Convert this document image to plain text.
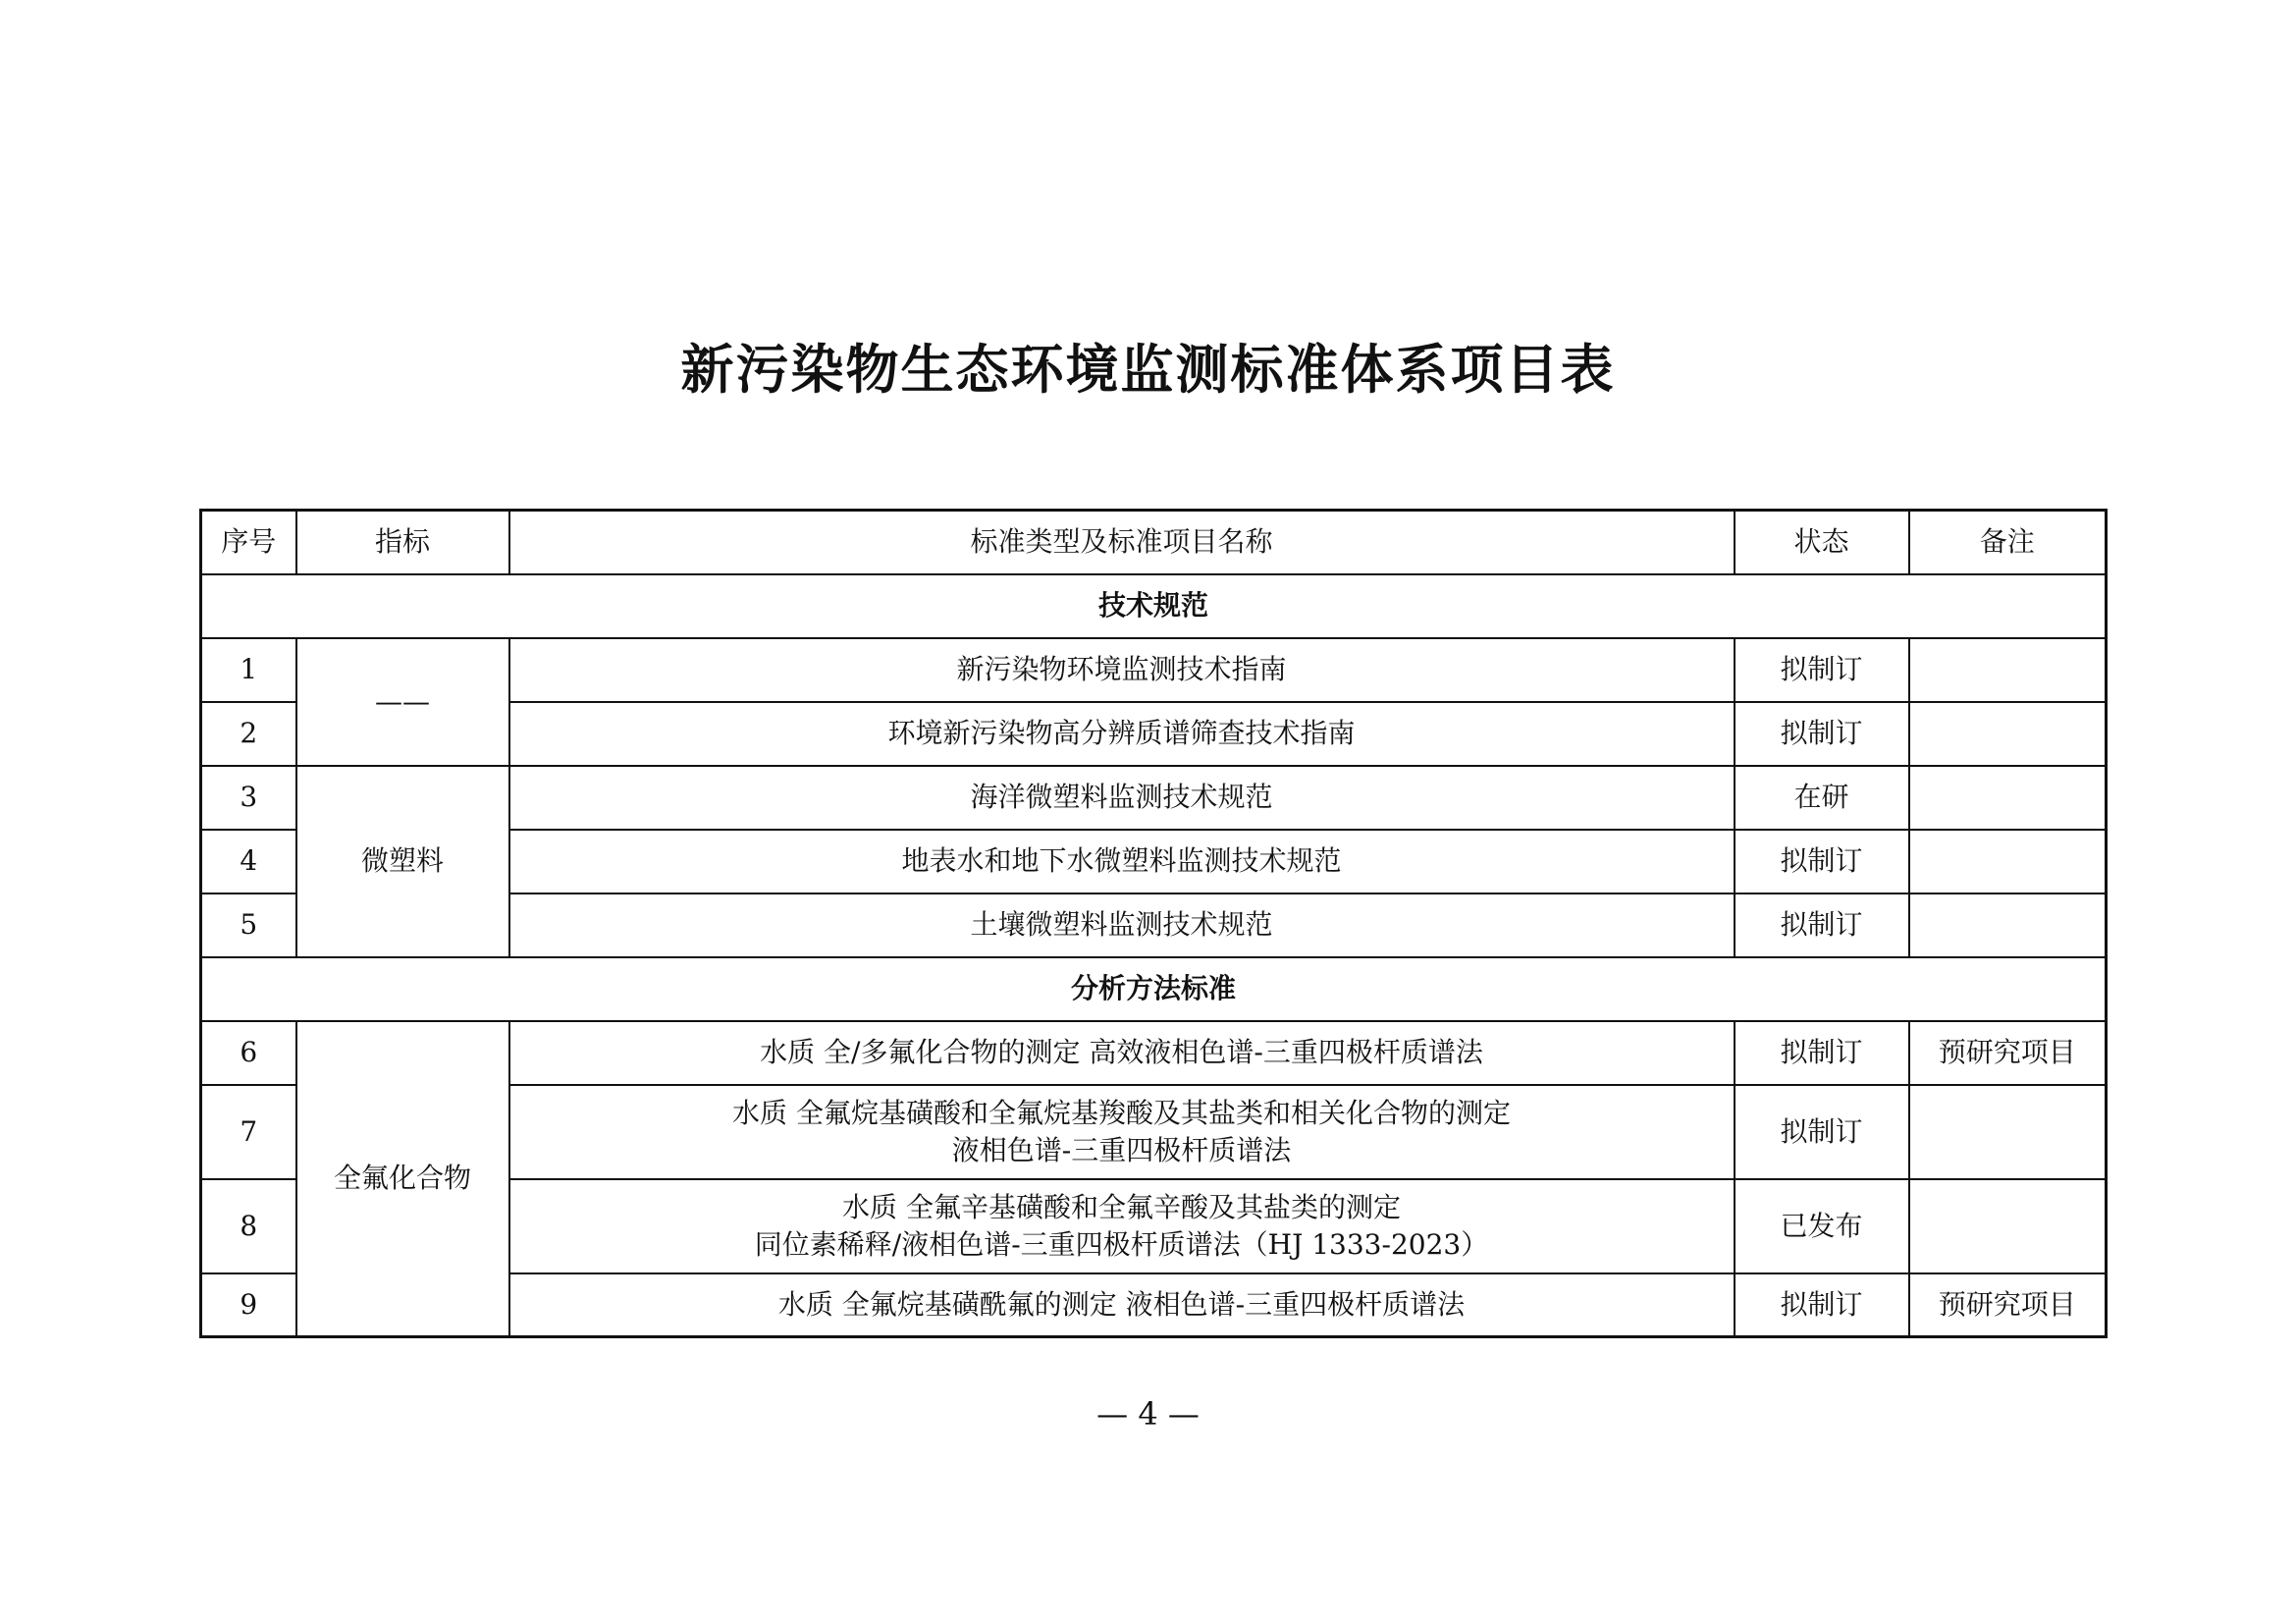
新污染物生态环境监测标准体系项目表
序号	指标	标准类型及标准项目名称	状态	备注
技术规范				
1	——	新污染物环境监测技术指南	拟制订	
2		环境新污染物高分辨质谱筛查技术指南	拟制订	
3	微塑料	海洋微塑料监测技术规范	在研	
4		地表水和地下水微塑料监测技术规范	拟制订	
5		土壤微塑料监测技术规范	拟制订	
分析方法标准				
6	全氟化合物	水质 全/多氟化合物的测定 高效液相色谱-三重四极杆质谱法	拟制订	预研究项目
7		水质 全氟烷基磺酸和全氟烷基羧酸及其盐类和相关化合物的测定
液相色谱-三重四极杆质谱法	拟制订	
8		水质 全氟辛基磺酸和全氟辛酸及其盐类的测定
同位素稀释/液相色谱-三重四极杆质谱法（HJ 1333-2023）	已发布	
9		水质 全氟烷基磺酰氟的测定 液相色谱-三重四极杆质谱法	拟制订	预研究项目
— 4 —
